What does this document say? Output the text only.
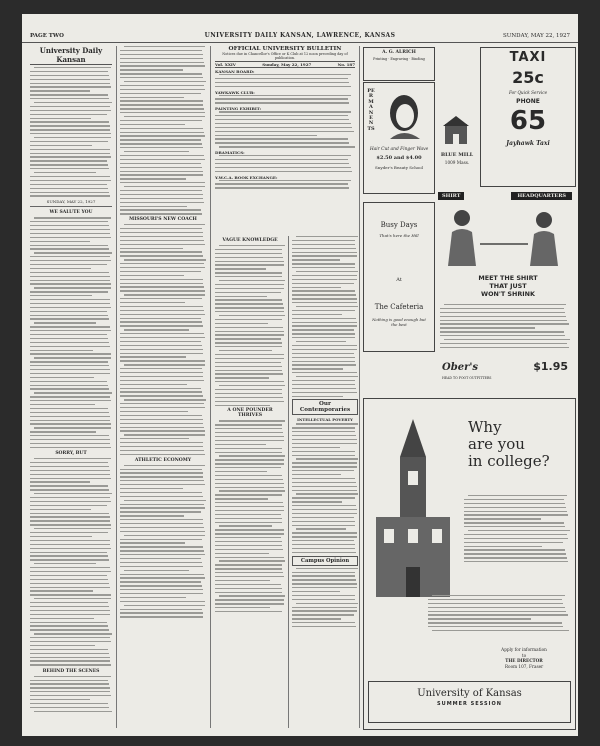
PAGE TWO	UNIVERSITY DAILY KANSAN, LAWRENCE, KANSAS	SUNDAY, MAY 22, 1927
University Daily Kansan
SUNDAY, MAY 22, 1927
WE SALUTE YOU
SORRY, BUT
BEHIND THE SCENES
MISSOURI'S NEW COACH
ATHLETIC ECONOMY
OFFICIAL UNIVERSITY BULLETIN
Notices due in Chancellor's Office or K Club at 12 noon preceding day of publication.
Vol. XXIV	Sunday, May 22, 1927	No. 187
KANSAN BOARD:
YAWKAWK CLUB:
PAINTING EXHIBIT:
DRAMATICS:
Y.W.C.A. BOOK EXCHANGE:
VAGUE KNOWLEDGE
A ONE POUNDER THRIVES
Our Contemporaries
INTELLECTUAL POVERTY
Campus Opinion
A. G. ALRICH
Printing · Engraving · Binding
PERMANENTS
Hair Cut and Finger Wave
$2.50 and $4.00
Snyder's Beauty School
Busy Days
That's here the Hill
At
The Cafeteria
Nothing is good enough but the best
TAXI
25c
For Quick Service
PHONE
65
Jayhawk Taxi
BLUE MILL
1009 Mass.
SHIRT	HEADQUARTERS
MEET THE SHIRT
THAT JUST
WON'T SHRINK
Ober's
HEAD TO FOOT OUTFITTERS
$1.95
Why
are you
in college?
Apply for information
to
THE DIRECTOR
Room 107, Fraser
University of Kansas
SUMMER SESSION
